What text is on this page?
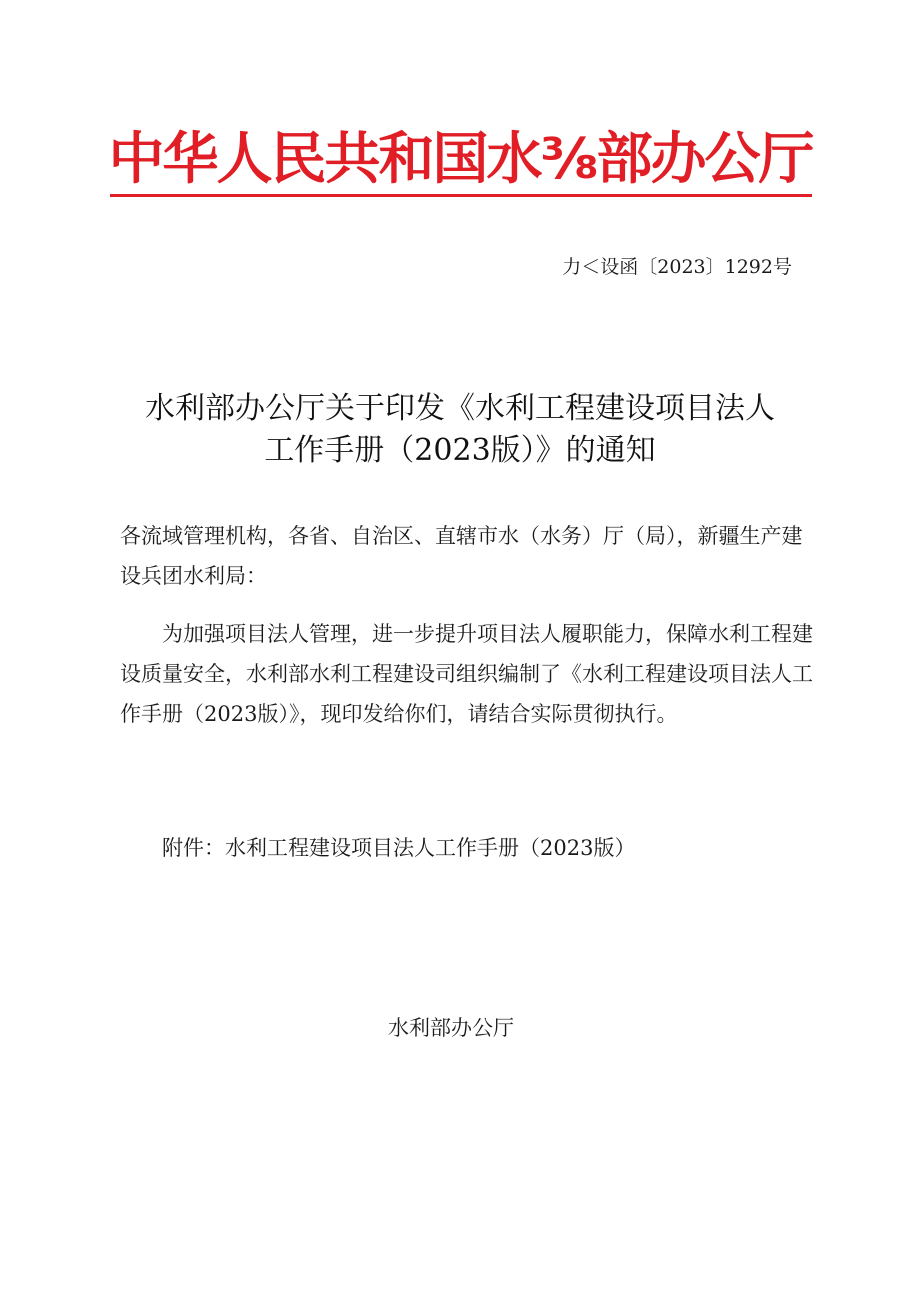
中华人民共和国水⅜部办公厅
力＜设函〔2023〕1292号
水利部办公厅关于印发《水利工程建设项目法人
工作手册（2023版）》的通知
各流域管理机构，各省、自治区、直辖市水（水务）厅（局），新疆生产建设兵团水利局：
为加强项目法人管理，进一步提升项目法人履职能力，保障水利工程建设质量安全，水利部水利工程建设司组织编制了《水利工程建设项目法人工作手册（2023版）》，现印发给你们，请结合实际贯彻执行。
附件：水利工程建设项目法人工作手册（2023版）
水利部办公厅
